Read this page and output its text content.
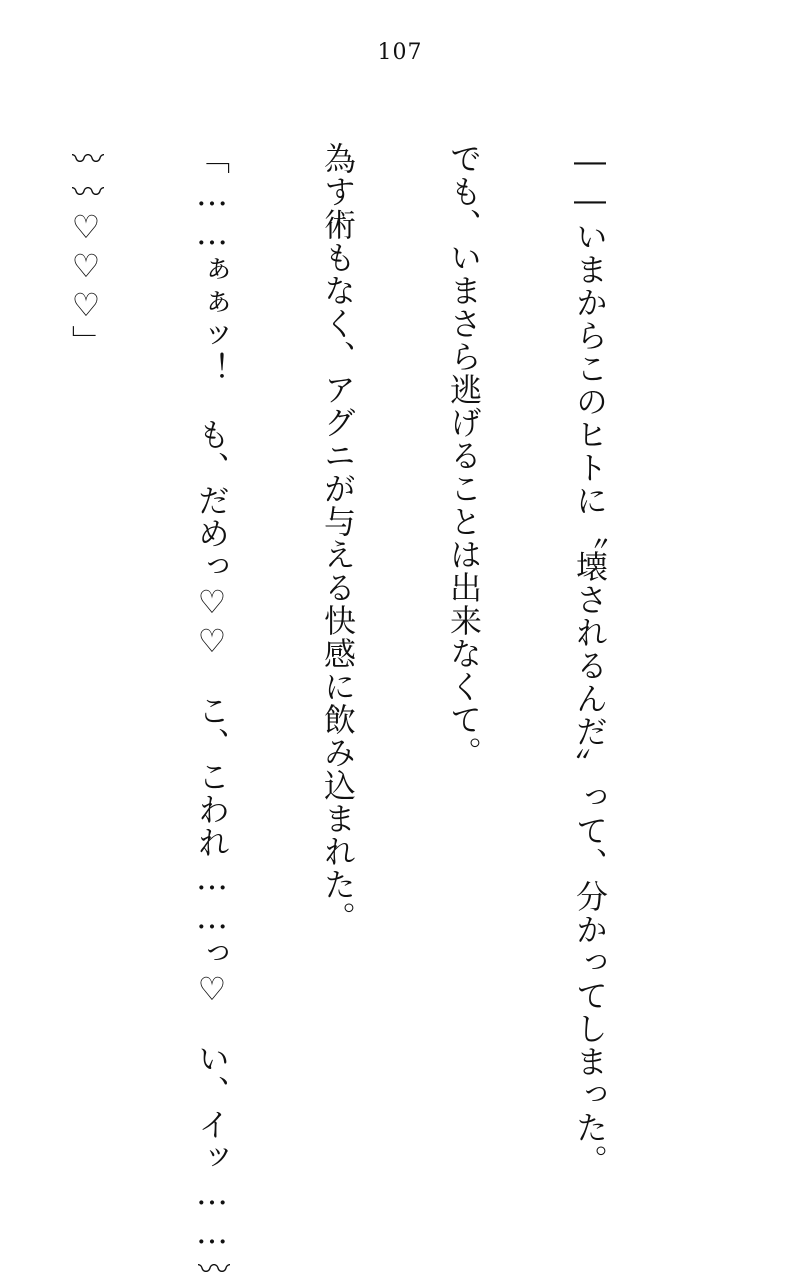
107

――いまからこのヒトに〝壊されるんだ〟って、分かってしまった。

でも、いまさら逃げることは出来なくて。

為す術もなく、アグニが与える快感に飲み込まれた。

「……ぁぁッ！　も、だめっ♡♡　こ、こわれ……っ♡　い、イッ……〰

〰〰♡♡♡」
